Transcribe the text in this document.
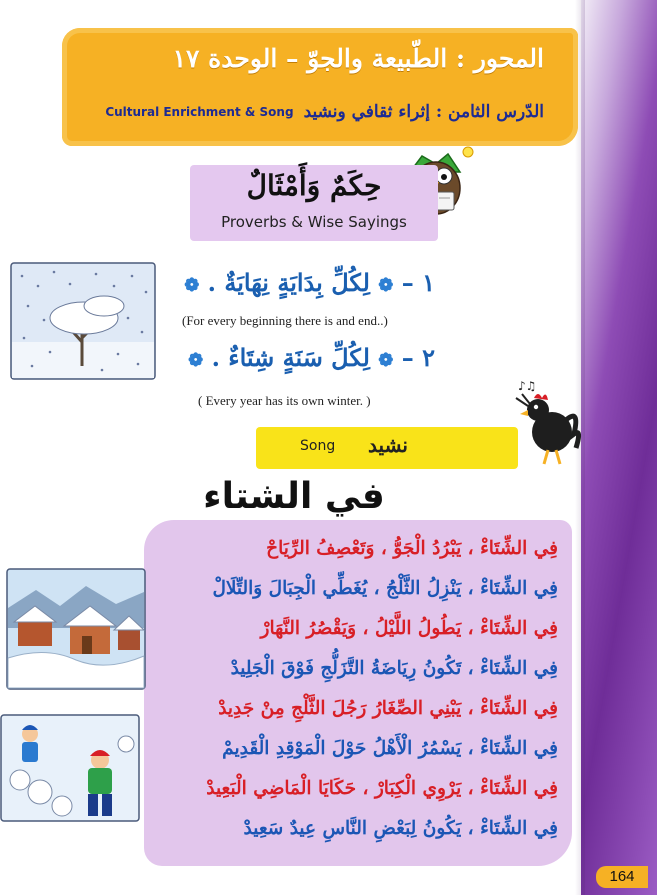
المحور : الطّبيعة والجوّ – الوحدة ١٧
الدّرس الثامن : إثراء ثقافي ونشيد
Cultural Enrichment & Song
حِكَمٌ وَأَمْثَالٌ
Proverbs & Wise Sayings
١ – ❁ لِكُلِّ بِدَايَةٍ نِهَايَةٌ . ❁
(For every beginning there is and end..)
٢ – ❁ لِكُلِّ سَنَةٍ شِتَاءٌ . ❁
( Every year has its own winter. )
♪♫
Song نشيد
في الشتاء
فِي الشِّتَاءْ ، يَبْرُدُ الْجَوُّ ، وَتَعْصِفُ الرِّيَاحْ
فِي الشِّتَاءْ ، يَنْزِلُ الثَّلْجُ ، يُغَطِّي الْجِبَالَ وَالتِّلَالْ
فِي الشِّتَاءْ ، يَطُولُ اللَّيْلُ ، وَيَقْصُرُ النَّهَارْ
فِي الشِّتَاءْ ، تَكُونُ رِيَاضَةُ التَّزَلُّجِ فَوْقَ الْجَلِيدْ
فِي الشِّتَاءْ ، يَبْنِي الصِّغَارُ رَجُلَ الثَّلْجِ مِنْ جَدِيدْ
فِي الشِّتَاءْ ، يَسْمُرُ الْأَهْلُ حَوْلَ الْمَوْقِدِ الْقَدِيمْ
فِي الشِّتَاءْ ، يَرْوِي الْكِبَارْ ، حَكَايَا الْمَاضِي الْبَعِيدْ
فِي الشِّتَاءْ ، يَكُونُ لِبَعْضِ النَّاسِ عِيدٌ سَعِيدْ
164
